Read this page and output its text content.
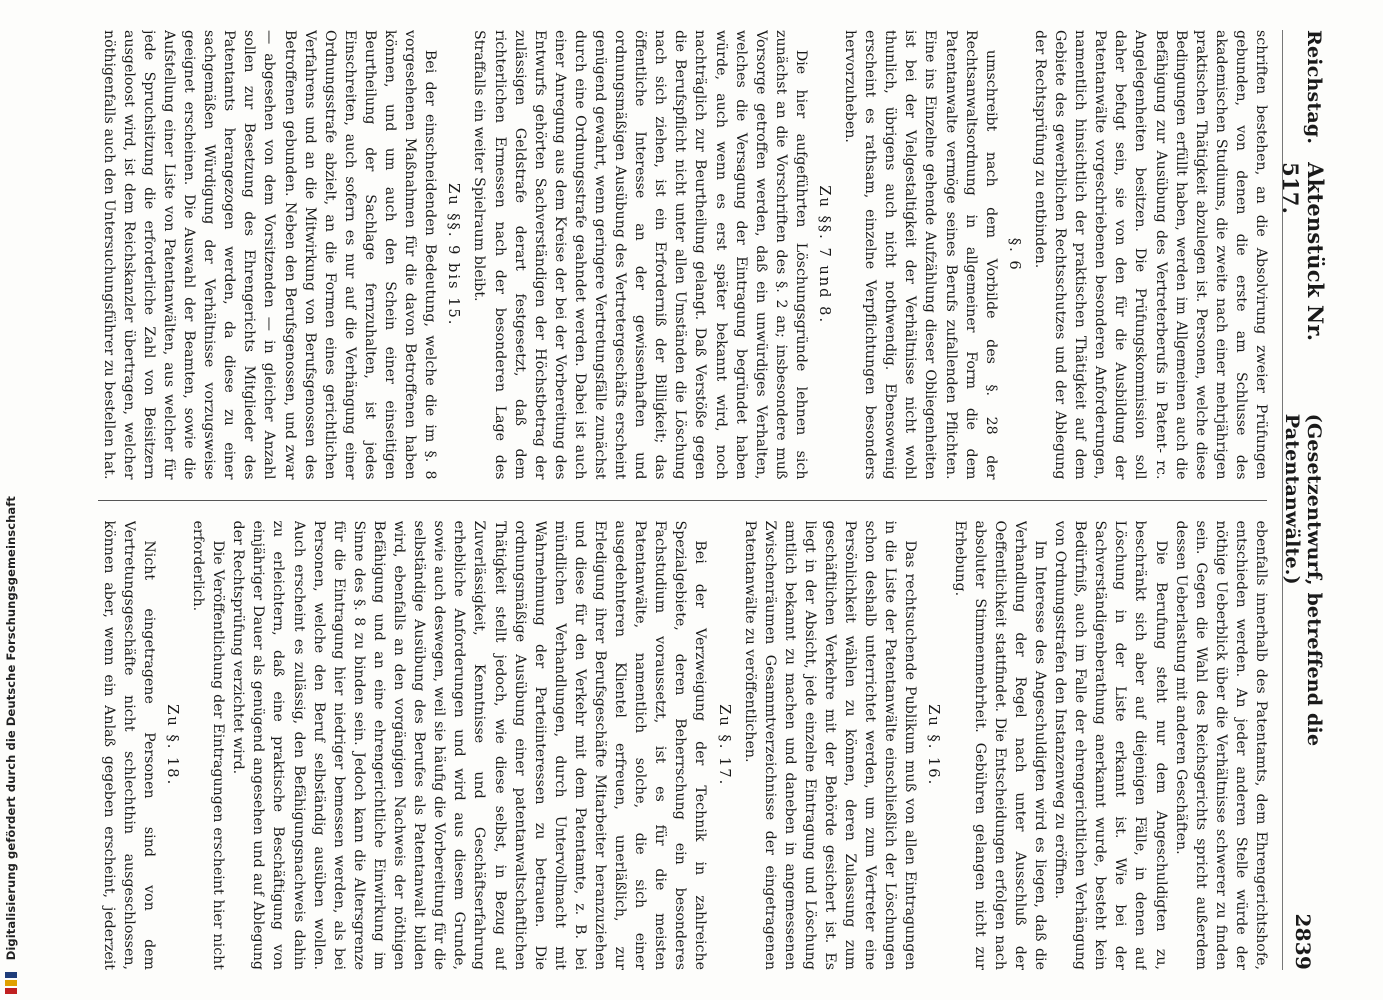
Reichstag.
Aktenstück Nr. 517.
(Gesetzentwurf, betreffend die Patentanwälte.)
2839

schriften bestehen, an die Absolvirung zweier Prüfungen gebunden, von denen die erste am Schlusse des akademischen Studiums, die zweite nach einer mehrjährigen praktischen Thätigkeit abzulegen ist. Personen, welche diese Bedingungen erfüllt haben, werden im Allgemeinen auch die Befähigung zur Ausübung des Vertreterberufs in Patent- rc. Angelegenheiten besitzen. Die Prüfungskommission soll daher befugt sein, sie von den für die Ausbildung der Patentanwälte vorgeschriebenen besonderen Anforderungen, namentlich hinsichtlich der praktischen Thätigkeit auf dem Gebiete des gewerblichen Rechtsschutzes und der Ablegung der Rechtsprüfung zu entbinden.

§. 6

umschreibt nach dem Vorbilde des §. 28 der Rechtsanwaltsordnung in allgemeiner Form die dem Patentanwalte vermöge seines Berufs zufallenden Pflichten. Eine ins Einzelne gehende Aufzählung dieser Obliegenheiten ist bei der Vielgestaltigkeit der Verhältnisse nicht wohl thunlich, übrigens auch nicht nothwendig. Ebensowenig erscheint es rathsam, einzelne Verpflichtungen besonders hervorzuheben.

Zu §§. 7 und 8.

Die hier aufgeführten Löschungsgründe lehnen sich zunächst an die Vorschriften des §. 2 an; insbesondere muß Vorsorge getroffen werden, daß ein unwürdiges Verhalten, welches die Versagung der Eintragung begründet haben würde, auch wenn es erst später bekannt wird, noch nachträglich zur Beurtheilung gelangt. Daß Verstöße gegen die Berufspflicht nicht unter allen Umständen die Löschung nach sich ziehen, ist ein Erforderniß der Billigkeit; das öffentliche Interesse an der gewissenhaften und ordnungsmäßigen Ausübung des Vertretergeschäfts erscheint genügend gewahrt, wenn geringere Vertretungsfälle zunächst durch eine Ordnungsstrafe geahndet werden. Dabei ist auch einer Anregung aus dem Kreise der bei der Vorbereitung des Entwurfs gehörten Sachverständigen der Höchstbetrag der zulässigen Geldstrafe derart festgesetzt, daß dem richterlichen Ermessen nach der besonderen Lage des Straffalls ein weiter Spielraum bleibt.

Zu §§. 9 bis 15.

Bei der einschneidenden Bedeutung, welche die im §. 8 vorgesehenen Maßnahmen für die davon Betroffenen haben können, und um auch den Schein einer einseitigen Beurtheilung der Sachlage fernzuhalten, ist jedes Einschreiten, auch sofern es nur auf die Verhängung einer Ordnungsstrafe abzielt, an die Formen eines gerichtlichen Verfahrens und an die Mitwirkung von Berufsgenossen des Betroffenen gebunden. Neben den Berufsgenossen, und zwar — abgesehen von dem Vorsitzenden — in gleicher Anzahl sollen zur Besetzung des Ehrengerichts Mitglieder des Patentamts herangezogen werden, da diese zu einer sachgemäßen Würdigung der Verhältnisse vorzugsweise geeignet erscheinen. Die Auswahl der Beamten, sowie die Aufstellung einer Liste von Patentanwälten, aus welcher für jede Spruchsitzung die erforderliche Zahl von Beisitzern ausgeloost wird, ist dem Reichskanzler übertragen, welcher nöthigenfalls auch den Untersuchungsführer zu bestellen hat.

ebenfalls innerhalb des Patentamts, dem Ehrengerichtshofe, entschieden werden. An jeder anderen Stelle würde der nöthige Ueberblick über die Verhältnisse schwerer zu finden sein. Gegen die Wahl des Reichsgerichts spricht außerdem dessen Ueberlastung mit anderen Geschäften.

Die Berufung steht nur dem Angeschuldigten zu, beschränkt sich aber auf diejenigen Fälle, in denen auf Löschung in der Liste erkannt ist. Wie bei der Sachverständigenberathung anerkannt wurde, besteht kein Bedürfniß, auch im Falle der ehrengerichtlichen Verhängung von Ordnungsstrafen den Instanzenweg zu eröffnen.

Im Interesse des Angeschuldigten wird es liegen, daß die Verhandlung der Regel nach unter Ausschluß der Oeffentlichkeit stattfindet. Die Entscheidungen erfolgen nach absoluter Stimmenmehrheit. Gebühren gelangen nicht zur Erhebung.

Zu §. 16.

Das rechtsuchende Publikum muß von allen Eintragungen in die Liste der Patentanwälte einschließlich der Löschungen schon deshalb unterrichtet werden, um zum Vertreter eine Persönlichkeit wählen zu können, deren Zulassung zum geschäftlichen Verkehre mit der Behörde gesichert ist. Es liegt in der Absicht, jede einzelne Eintragung und Löschung amtlich bekannt zu machen und daneben in angemessenen Zwischenräumen Gesammtverzeichnisse der eingetragenen Patentanwälte zu veröffentlichen.

Zu §. 17.

Bei der Verzweigung der Technik in zahlreiche Spezialgebiete, deren Beherrschung ein besonderes Fachstudium voraussetzt, ist es für die meisten Patentanwälte, namentlich solche, die sich einer ausgedehnteren Klientel erfreuen, unerläßlich, zur Erledigung ihrer Berufsgeschäfte Mitarbeiter heranzuziehen und diese für den Verkehr mit dem Patentamte, z. B. bei mündlichen Verhandlungen, durch Untervollmacht mit Wahrnehmung der Parteiinteressen zu betrauen. Die ordnungsmäßige Ausübung einer patentanwaltschaftlichen Thätigkeit stellt jedoch, wie diese selbst, in Bezug auf Zuverlässigkeit, Kenntnisse und Geschäftserfahrung erhebliche Anforderungen und wird aus diesem Grunde, sowie auch deswegen, weil sie häufig die Vorbereitung für die selbständige Ausübung des Berufes als Patentanwalt bilden wird, ebenfalls an den vorgängigen Nachweis der nöthigen Befähigung und an eine ehrengerichtliche Einwirkung im Sinne des §. 8 zu binden sein. Jedoch kann die Altersgrenze für die Eintragung hier niedriger bemessen werden, als bei Personen, welche den Beruf selbständig ausüben wollen. Auch erscheint es zulässig, den Befähigungsnachweis dahin zu erleichtern, daß eine praktische Beschäftigung von einjähriger Dauer als genügend angesehen und auf Ablegung der Rechtsprüfung verzichtet wird.

Die Veröffentlichung der Eintragungen erscheint hier nicht erforderlich.

Zu §. 18.

Nicht eingetragene Personen sind von dem Vertretungsgeschäfte nicht schlechthin ausgeschlossen, können aber, wenn ein Anlaß gegeben erscheint, jederzeit

Digitalisierung gefördert durch die Deutsche Forschungsgemeinschaft
